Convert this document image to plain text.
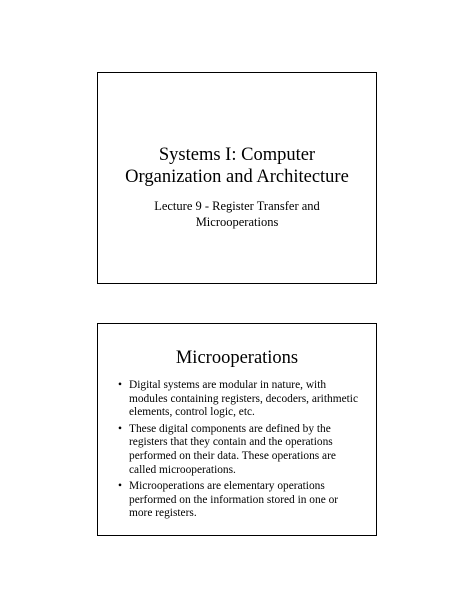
Systems I: Computer
Organization and Architecture
Lecture 9 - Register Transfer and
Microoperations
Microoperations
• Digital systems are modular in nature, with
modules containing registers, decoders, arithmetic
elements, control logic, etc.
• These digital components are defined by the
registers that they contain and the operations
performed on their data. These operations are
called microoperations.
• Microoperations are elementary operations
performed on the information stored in one or
more registers.
